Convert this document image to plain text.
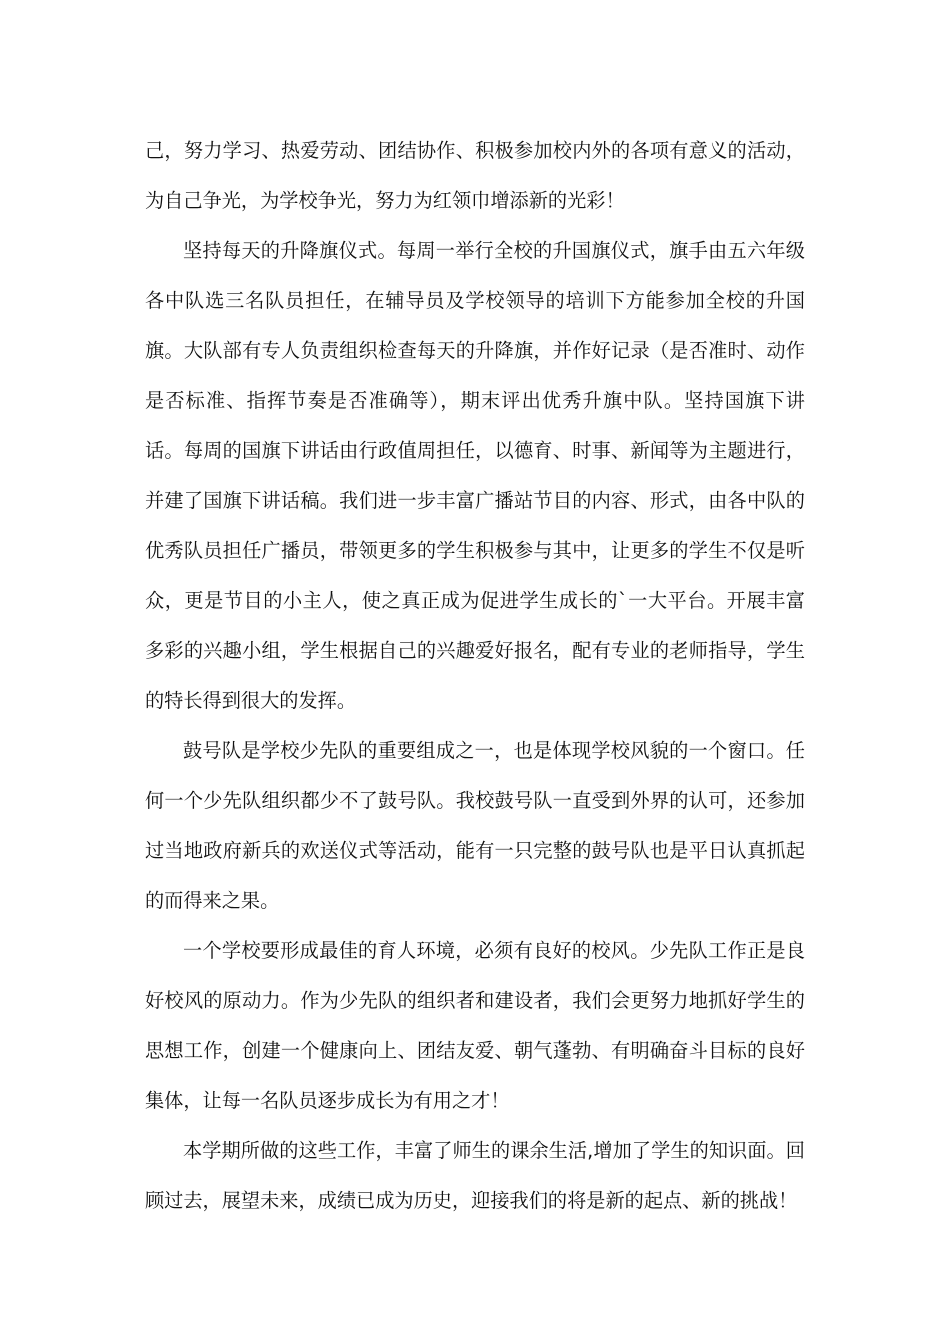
己，努力学习、热爱劳动、团结协作、积极参加校内外的各项有意义的活动，为自己争光，为学校争光，努力为红领巾增添新的光彩！

坚持每天的升降旗仪式。每周一举行全校的升国旗仪式，旗手由五六年级各中队选三名队员担任，在辅导员及学校领导的培训下方能参加全校的升国旗。大队部有专人负责组织检查每天的升降旗，并作好记录（是否准时、动作是否标准、指挥节奏是否准确等），期末评出优秀升旗中队。坚持国旗下讲话。每周的国旗下讲话由行政值周担任，以德育、时事、新闻等为主题进行，并建了国旗下讲话稿。我们进一步丰富广播站节目的内容、形式，由各中队的优秀队员担任广播员，带领更多的学生积极参与其中，让更多的学生不仅是听众，更是节目的小主人，使之真正成为促进学生成长的`一大平台。开展丰富多彩的兴趣小组，学生根据自己的兴趣爱好报名，配有专业的老师指导，学生的特长得到很大的发挥。

鼓号队是学校少先队的重要组成之一，也是体现学校风貌的一个窗口。任何一个少先队组织都少不了鼓号队。我校鼓号队一直受到外界的认可，还参加过当地政府新兵的欢送仪式等活动，能有一只完整的鼓号队也是平日认真抓起的而得来之果。

一个学校要形成最佳的育人环境，必须有良好的校风。少先队工作正是良好校风的原动力。作为少先队的组织者和建设者，我们会更努力地抓好学生的思想工作，创建一个健康向上、团结友爱、朝气蓬勃、有明确奋斗目标的良好集体，让每一名队员逐步成长为有用之才！

本学期所做的这些工作，丰富了师生的课余生活,增加了学生的知识面。回顾过去，展望未来，成绩已成为历史，迎接我们的将是新的起点、新的挑战！
